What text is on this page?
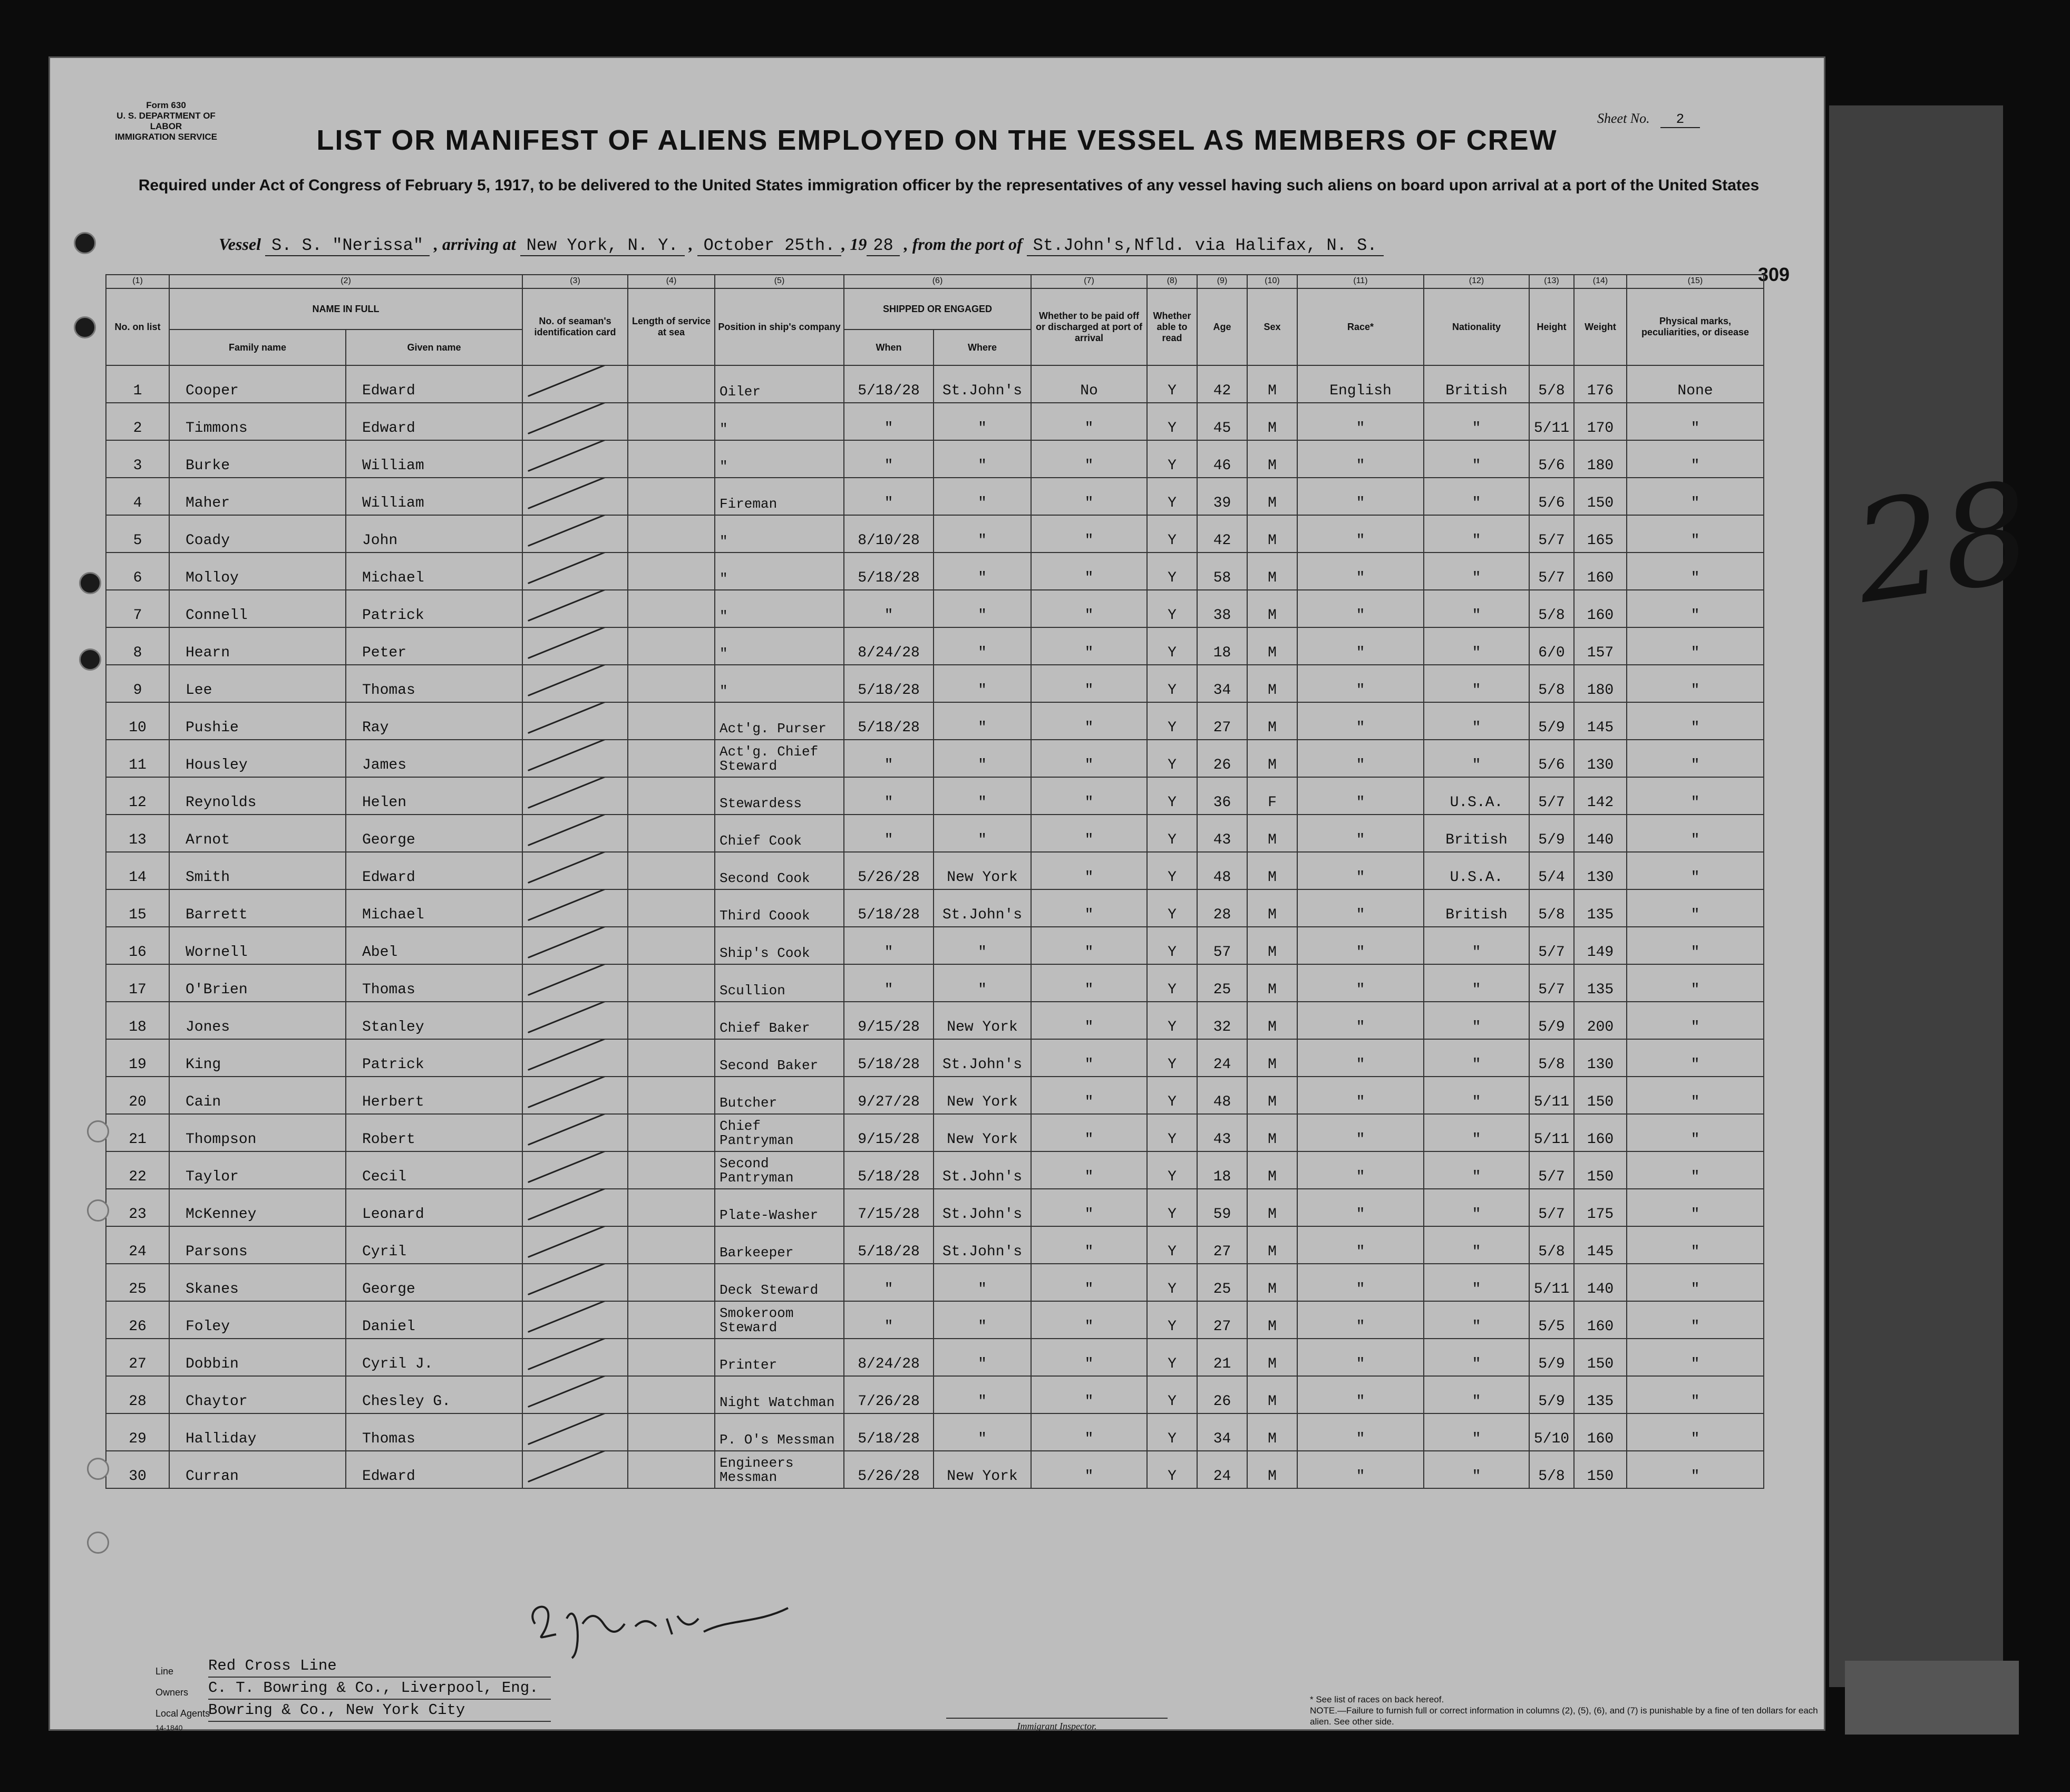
Form 630
U. S. DEPARTMENT OF LABOR
IMMIGRATION SERVICE
Sheet No. 2
LIST OR MANIFEST OF ALIENS EMPLOYED ON THE VESSEL AS MEMBERS OF CREW
Required under Act of Congress of February 5, 1917, to be delivered to the United States immigration officer by the representatives of any vessel having such aliens on board upon arrival at a port of the United States
Vessel S. S. "Nerissa" , arriving at New York, N. Y. , October 25th. , 19 28 , from the port of St.John's,Nfld. via Halifax, N. S.
309
(1)	(2)		(3)	(4)	(5)	(6)		(7)	(8)	(9)	(10)	(11)	(12)	(13)	(14)	(15)
No. on list	NAME IN FULL		No. of seaman's identification card	Length of service at sea	Position in ship's company	SHIPPED OR ENGAGED		Whether to be paid off or discharged at port of arrival	Whether able to read	Age	Sex	Race*	Nationality	Height	Weight	Physical marks, peculiarities, or disease
	Family name	Given name				When	Where									
1	Cooper	Edward			Oiler	5/18/28	St.John's	No	Y	42	M	English	British	5/8	176	None
2	Timmons	Edward			"	"	"	"	Y	45	M	"	"	5/11	170	"
3	Burke	William			"	"	"	"	Y	46	M	"	"	5/6	180	"
4	Maher	William			Fireman	"	"	"	Y	39	M	"	"	5/6	150	"
5	Coady	John			"	8/10/28	"	"	Y	42	M	"	"	5/7	165	"
6	Molloy	Michael			"	5/18/28	"	"	Y	58	M	"	"	5/7	160	"
7	Connell	Patrick			"	"	"	"	Y	38	M	"	"	5/8	160	"
8	Hearn	Peter			"	8/24/28	"	"	Y	18	M	"	"	6/0	157	"
9	Lee	Thomas			"	5/18/28	"	"	Y	34	M	"	"	5/8	180	"
10	Pushie	Ray			Act'g. Purser	5/18/28	"	"	Y	27	M	"	"	5/9	145	"
11	Housley	James			Act'g. Chief Steward	"	"	"	Y	26	M	"	"	5/6	130	"
12	Reynolds	Helen			Stewardess	"	"	"	Y	36	F	"	U.S.A.	5/7	142	"
13	Arnot	George			Chief Cook	"	"	"	Y	43	M	"	British	5/9	140	"
14	Smith	Edward			Second Cook	5/26/28	New York	"	Y	48	M	"	U.S.A.	5/4	130	"
15	Barrett	Michael			Third Coook	5/18/28	St.John's	"	Y	28	M	"	British	5/8	135	"
16	Wornell	Abel			Ship's Cook	"	"	"	Y	57	M	"	"	5/7	149	"
17	O'Brien	Thomas			Scullion	"	"	"	Y	25	M	"	"	5/7	135	"
18	Jones	Stanley			Chief Baker	9/15/28	New York	"	Y	32	M	"	"	5/9	200	"
19	King	Patrick			Second Baker	5/18/28	St.John's	"	Y	24	M	"	"	5/8	130	"
20	Cain	Herbert			Butcher	9/27/28	New York	"	Y	48	M	"	"	5/11	150	"
21	Thompson	Robert			Chief Pantryman	9/15/28	New York	"	Y	43	M	"	"	5/11	160	"
22	Taylor	Cecil			Second Pantryman	5/18/28	St.John's	"	Y	18	M	"	"	5/7	150	"
23	McKenney	Leonard			Plate-Washer	7/15/28	St.John's	"	Y	59	M	"	"	5/7	175	"
24	Parsons	Cyril			Barkeeper	5/18/28	St.John's	"	Y	27	M	"	"	5/8	145	"
25	Skanes	George			Deck Steward	"	"	"	Y	25	M	"	"	5/11	140	"
26	Foley	Daniel			Smokeroom Steward	"	"	"	Y	27	M	"	"	5/5	160	"
27	Dobbin	Cyril J.			Printer	8/24/28	"	"	Y	21	M	"	"	5/9	150	"
28	Chaytor	Chesley G.			Night Watchman	7/26/28	"	"	Y	26	M	"	"	5/9	135	"
29	Halliday	Thomas			P. O's Messman	5/18/28	"	"	Y	34	M	"	"	5/10	160	"
30	Curran	Edward			Engineers Messman	5/26/28	New York	"	Y	24	M	"	"	5/8	150	"
Line
Owners
Local Agents
14-1840
Red Cross Line
C. T. Bowring & Co., Liverpool, Eng.
Bowring & Co., New York City
Immigrant Inspector.
* See list of races on back hereof.
NOTE.—Failure to furnish full or correct information in columns (2), (5), (6), and (7) is punishable by a fine of ten dollars for each alien. See other side.
28
